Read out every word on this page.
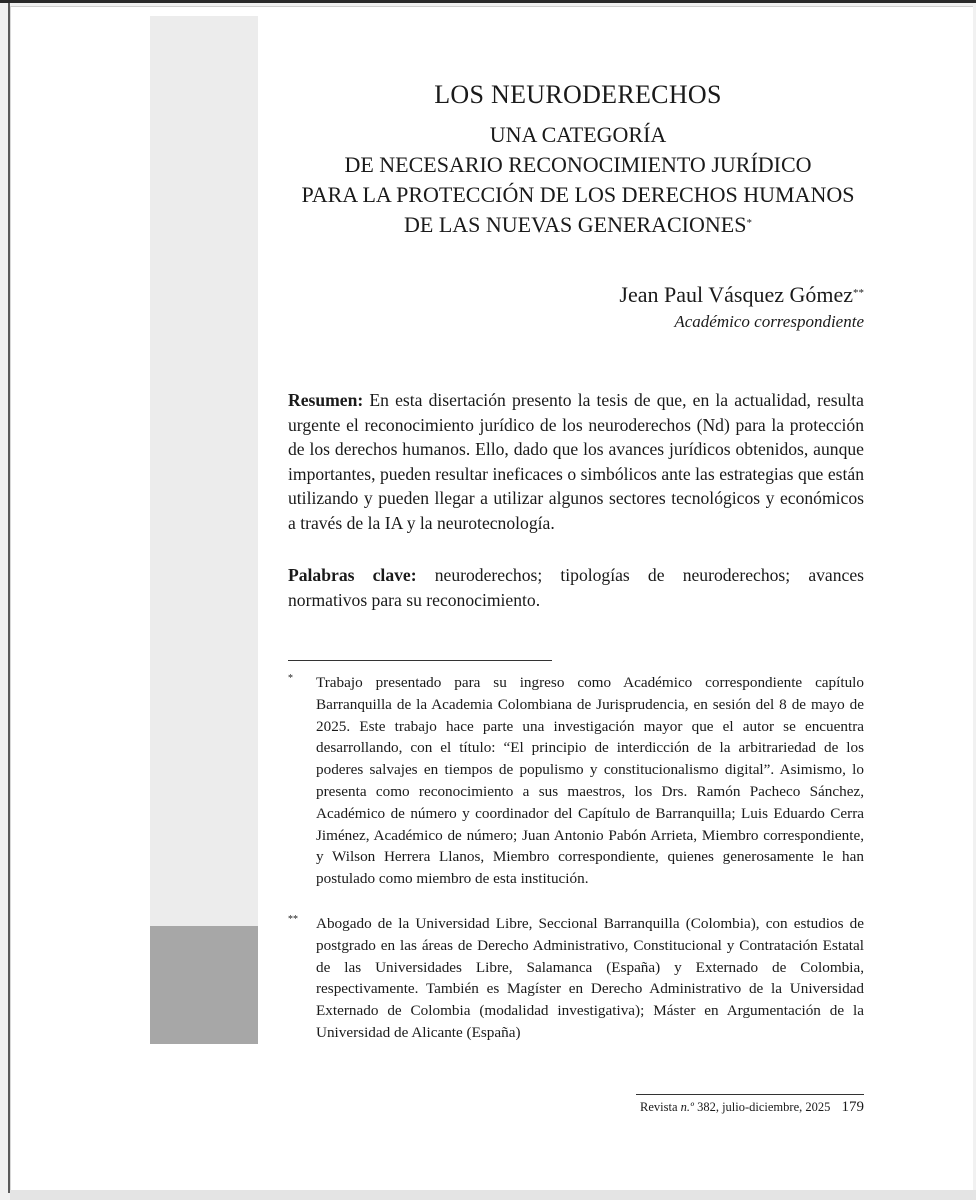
LOS NEURODERECHOS
UNA CATEGORÍA
DE NECESARIO RECONOCIMIENTO JURÍDICO
PARA LA PROTECCIÓN DE LOS DERECHOS HUMANOS
DE LAS NUEVAS GENERACIONES*
Jean Paul Vásquez Gómez**
Académico correspondiente
Resumen: En esta disertación presento la tesis de que, en la actualidad, resulta urgente el reconocimiento jurídico de los neuroderechos (Nd) para la protección de los derechos humanos. Ello, dado que los avances jurídicos obtenidos, aunque importantes, pueden resultar ineficaces o simbólicos ante las estrategias que están utilizando y pueden llegar a utilizar algunos sectores tecnológicos y económicos a través de la IA y la neurotecnología.
Palabras clave: neuroderechos; tipologías de neuroderechos; avances normativos para su reconocimiento.
* Trabajo presentado para su ingreso como Académico correspondiente capítulo Barranquilla de la Academia Colombiana de Jurisprudencia, en sesión del 8 de mayo de 2025. Este trabajo hace parte una investigación mayor que el autor se encuentra desarrollando, con el título: “El principio de interdicción de la arbitrariedad de los poderes salvajes en tiempos de populismo y constitucionalismo digital”. Asimismo, lo presenta como reconocimiento a sus maestros, los Drs. Ramón Pacheco Sánchez, Académico de número y coordinador del Capítulo de Barranquilla; Luis Eduardo Cerra Jiménez, Académico de número; Juan Antonio Pabón Arrieta, Miembro correspondiente, y Wilson Herrera Llanos, Miembro correspondiente, quienes generosamente le han postulado como miembro de esta institución.
** Abogado de la Universidad Libre, Seccional Barranquilla (Colombia), con estudios de postgrado en las áreas de Derecho Administrativo, Constitucional y Contratación Estatal de las Universidades Libre, Salamanca (España) y Externado de Colombia, respectivamente. También es Magíster en Derecho Administrativo de la Universidad Externado de Colombia (modalidad investigativa); Máster en Argumentación de la Universidad de Alicante (España)
Revista n.º 382, julio-diciembre, 2025 179
